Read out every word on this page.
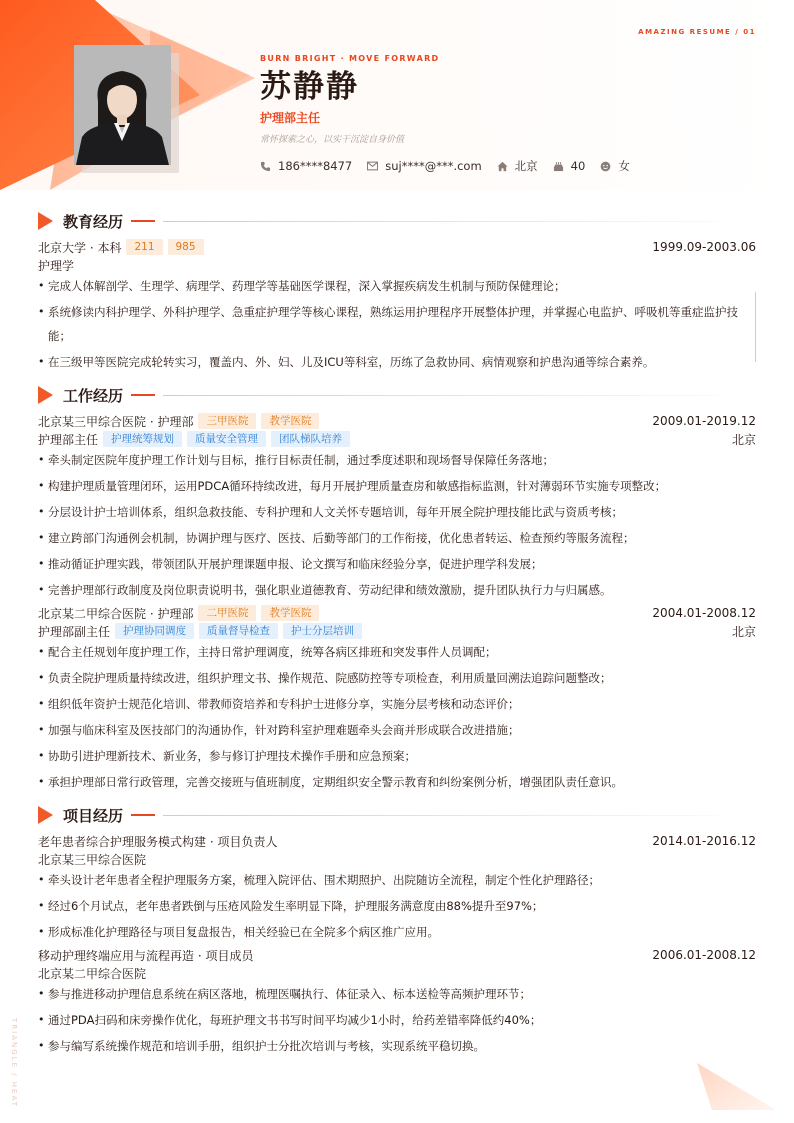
AMAZING RESUME / 01
TRIANGLE / HEAT
BURN BRIGHT · MOVE FORWARD
苏静静
护理部主任
常怀探索之心，以实干沉淀自身价值
186****8477	suj****@***.com	北京	40	女
教育经历
北京大学 · 本科	211	985	1999.09-2003.06
护理学
• 完成人体解剖学、生理学、病理学、药理学等基础医学课程，深入掌握疾病发生机制与预防保健理论；
• 系统修读内科护理学、外科护理学、急重症护理学等核心课程，熟练运用护理程序开展整体护理，并掌握心电监护、呼吸机等重症监护技能；
• 在三级甲等医院完成轮转实习，覆盖内、外、妇、儿及ICU等科室，历练了急救协同、病情观察和护患沟通等综合素养。
工作经历
北京某三甲综合医院 · 护理部	三甲医院	教学医院	2009.01-2019.12
护理部主任	护理统筹规划	质量安全管理	团队梯队培养	北京
• 牵头制定医院年度护理工作计划与目标，推行目标责任制，通过季度述职和现场督导保障任务落地；
• 构建护理质量管理闭环，运用PDCA循环持续改进，每月开展护理质量查房和敏感指标监测，针对薄弱环节实施专项整改；
• 分层设计护士培训体系，组织急救技能、专科护理和人文关怀专题培训，每年开展全院护理技能比武与资质考核；
• 建立跨部门沟通例会机制，协调护理与医疗、医技、后勤等部门的工作衔接，优化患者转运、检查预约等服务流程；
• 推动循证护理实践，带领团队开展护理课题申报、论文撰写和临床经验分享，促进护理学科发展；
• 完善护理部行政制度及岗位职责说明书，强化职业道德教育、劳动纪律和绩效激励，提升团队执行力与归属感。
北京某二甲综合医院 · 护理部	二甲医院	教学医院	2004.01-2008.12
护理部副主任	护理协同调度	质量督导检查	护士分层培训	北京
• 配合主任规划年度护理工作，主持日常护理调度，统筹各病区排班和突发事件人员调配；
• 负责全院护理质量持续改进，组织护理文书、操作规范、院感防控等专项检查，利用质量回溯法追踪问题整改；
• 组织低年资护士规范化培训、带教师资培养和专科护士进修分享，实施分层考核和动态评价；
• 加强与临床科室及医技部门的沟通协作，针对跨科室护理难题牵头会商并形成联合改进措施；
• 协助引进护理新技术、新业务，参与修订护理技术操作手册和应急预案；
• 承担护理部日常行政管理，完善交接班与值班制度，定期组织安全警示教育和纠纷案例分析，增强团队责任意识。
项目经历
老年患者综合护理服务模式构建 · 项目负责人	2014.01-2016.12
北京某三甲综合医院
• 牵头设计老年患者全程护理服务方案，梳理入院评估、围术期照护、出院随访全流程，制定个性化护理路径；
• 经过6个月试点，老年患者跌倒与压疮风险发生率明显下降，护理服务满意度由88%提升至97%；
• 形成标准化护理路径与项目复盘报告，相关经验已在全院多个病区推广应用。
移动护理终端应用与流程再造 · 项目成员	2006.01-2008.12
北京某二甲综合医院
• 参与推进移动护理信息系统在病区落地，梳理医嘱执行、体征录入、标本送检等高频护理环节；
• 通过PDA扫码和床旁操作优化，每班护理文书书写时间平均减少1小时，给药差错率降低约40%；
• 参与编写系统操作规范和培训手册，组织护士分批次培训与考核，实现系统平稳切换。
